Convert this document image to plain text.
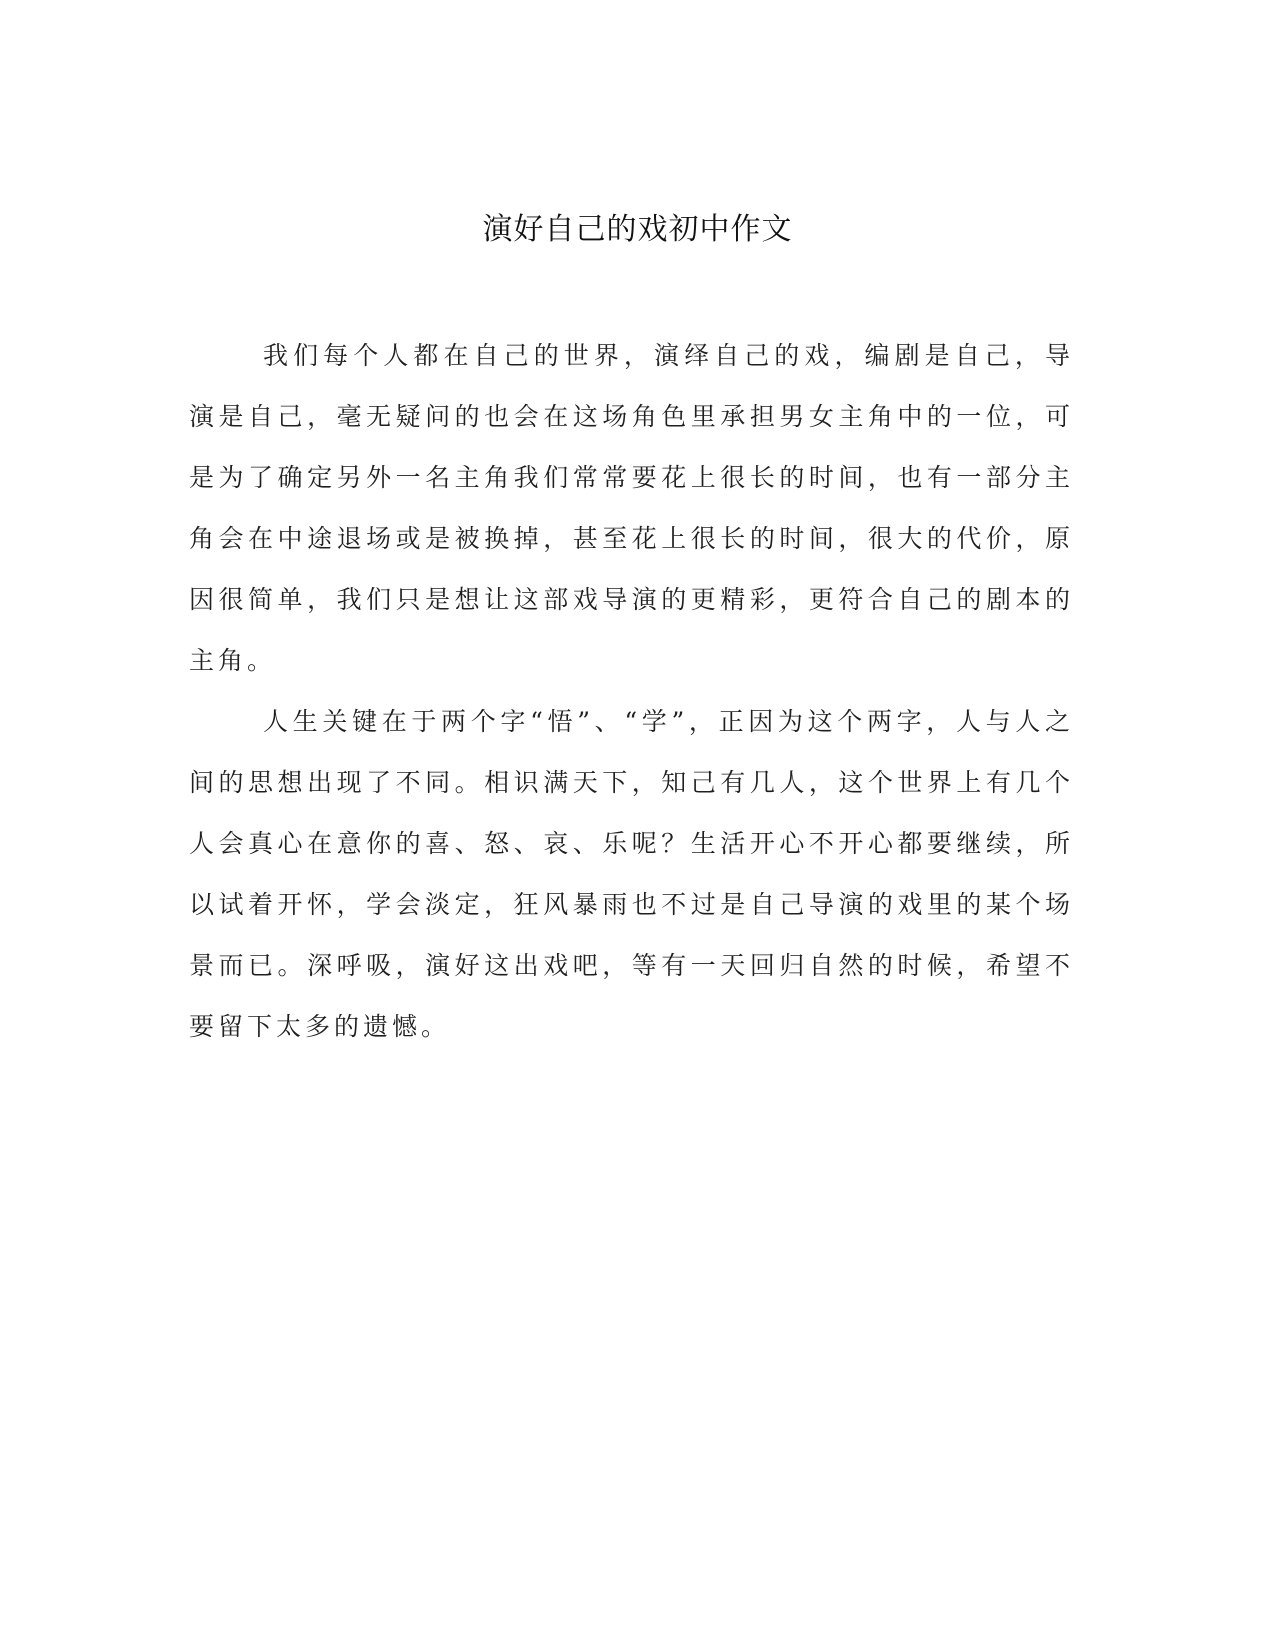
演好自己的戏初中作文

我们每个人都在自己的世界，演绎自己的戏，编剧是自己，导演是自己，毫无疑问的也会在这场角色里承担男女主角中的一位，可是为了确定另外一名主角我们常常要花上很长的时间，也有一部分主角会在中途退场或是被换掉，甚至花上很长的时间，很大的代价，原因很简单，我们只是想让这部戏导演的更精彩，更符合自己的剧本的主角。

人生关键在于两个字“悟”、“学”，正因为这个两字，人与人之间的思想出现了不同。相识满天下，知己有几人，这个世界上有几个人会真心在意你的喜、怒、哀、乐呢？生活开心不开心都要继续，所以试着开怀，学会淡定，狂风暴雨也不过是自己导演的戏里的某个场景而已。深呼吸，演好这出戏吧，等有一天回归自然的时候，希望不要留下太多的遗憾。
